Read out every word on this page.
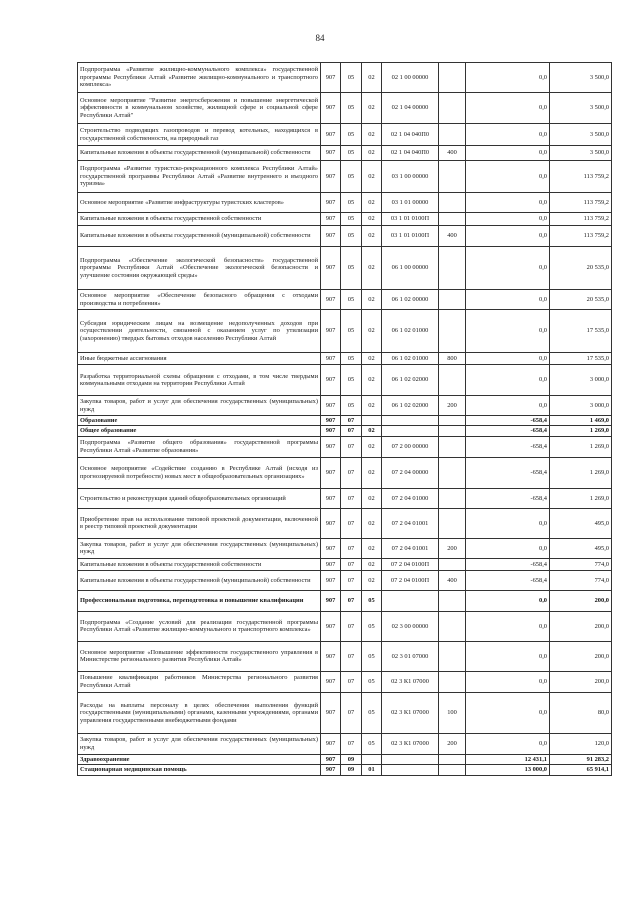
84
Подпрограмма «Развитие жилищно-коммунального комплекса» государственной программы Республики Алтай «Развитие жилищно-коммунального и транспортного комплекса»	907	05	02	02 1 00 00000		0,0	3 500,0
Основное мероприятие "Развитие энергосбережения и повышение энергетической эффективности в коммунальном хозяйстве, жилищной сфере и социальной сфере Республики Алтай"	907	05	02	02 1 04 00000		0,0	3 500,0
Строительство подводящих газопроводов и перевод котельных, находящихся в государственной собственности, на природный газ	907	05	02	02 1 04 040П0		0,0	3 500,0
Капитальные вложения в объекты государственной (муниципальной) собственности	907	05	02	02 1 04 040П0	400	0,0	3 500,0
Подпрограмма «Развитие туристско-рекреационного комплекса Республики Алтай» государственной программы Республики Алтай «Развитие внутреннего и въездного туризма»	907	05	02	03 1 00 00000		0,0	113 759,2
Основное мероприятие «Развитие инфраструктуры туристских кластеров»	907	05	02	03 1 01 00000		0,0	113 759,2
Капитальные вложения в объекты государственной собственности	907	05	02	03 1 01 0100П		0,0	113 759,2
Капитальные вложения в объекты государственной (муниципальной) собственности	907	05	02	03 1 01 0100П	400	0,0	113 759,2
Подпрограмма «Обеспечение экологической безопасности» государственной программы Республики Алтай «Обеспечение экологической безопасности и улучшение состояния окружающей среды»	907	05	02	06 1 00 00000		0,0	20 535,0
Основное мероприятие «Обеспечение безопасного обращения с отходами производства и потребления»	907	05	02	06 1 02 00000		0,0	20 535,0
Субсидия юридическим лицам на возмещение недополученных доходов при осуществлении деятельности, связанной с оказанием услуг по утилизации (захоронению) твердых бытовых отходов населению Республики Алтай	907	05	02	06 1 02 01000		0,0	17 535,0
Иные бюджетные ассигнования	907	05	02	06 1 02 01000	800	0,0	17 535,0
Разработка территориальной схемы обращения с отходами, в том числе твердыми коммунальными отходами на территории Республики Алтай	907	05	02	06 1 02 02000		0,0	3 000,0
Закупка товаров, работ и услуг для обеспечения государственных (муниципальных) нужд	907	05	02	06 1 02 02000	200	0,0	3 000,0
Образование	907	07				-658,4	1 469,0
Общее образование	907	07	02			-658,4	1 269,0
Подпрограмма «Развитие общего образования» государственной программы Республики Алтай «Развитие образования»	907	07	02	07 2 00 00000		-658,4	1 269,0
Основное мероприятие «Содействие созданию в Республике Алтай (исходя из прогнозируемой потребности) новых мест в общеобразовательных организациях»	907	07	02	07 2 04 00000		-658,4	1 269,0
Строительство и реконструкция зданий общеобразовательных организаций	907	07	02	07 2 04 01000		-658,4	1 269,0
Приобретение прав на использование типовой проектной документации, включенной в реестр типовой проектной документации	907	07	02	07 2 04 01001		0,0	495,0
Закупка товаров, работ и услуг для обеспечения государственных (муниципальных) нужд	907	07	02	07 2 04 01001	200	0,0	495,0
Капитальные вложения в объекты государственной собственности	907	07	02	07 2 04 0100П		-658,4	774,0
Капитальные вложения в объекты государственной (муниципальной) собственности	907	07	02	07 2 04 0100П	400	-658,4	774,0
Профессиональная подготовка, переподготовка и повышение квалификации	907	07	05			0,0	200,0
Подпрограмма «Создание условий для реализации государственной программы Республики Алтай «Развитие жилищно-коммунального и транспортного комплекса»	907	07	05	02 3 00 00000		0,0	200,0
Основное мероприятие «Повышение эффективности государственного управления в Министерстве регионального развития Республики Алтай»	907	07	05	02 3 01 07000		0,0	200,0
Повышение квалификации работников Министерства регионального развития Республики Алтай	907	07	05	02 3 К1 07000		0,0	200,0
Расходы на выплаты персоналу в целях обеспечения выполнения функций государственными (муниципальными) органами, казенными учреждениями, органами управления государственными внебюджетными фондами	907	07	05	02 3 К1 07000	100	0,0	80,0
Закупка товаров, работ и услуг для обеспечения государственных (муниципальных) нужд	907	07	05	02 3 К1 07000	200	0,0	120,0
Здравоохранение	907	09				12 431,1	91 283,2
Стационарная медицинская помощь	907	09	01			13 000,0	65 914,1
